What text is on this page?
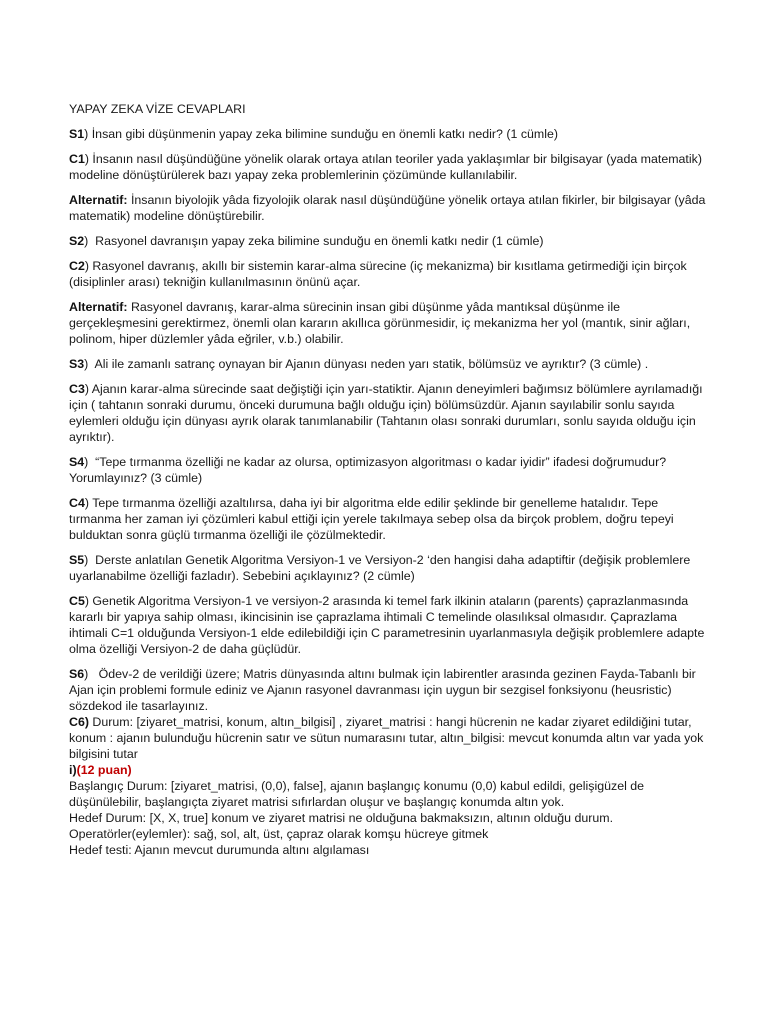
YAPAY ZEKA VİZE CEVAPLARI

S1) İnsan gibi düşünmenin yapay zeka bilimine sunduğu en önemli katkı nedir? (1 cümle)

C1) İnsanın nasıl düşündüğüne yönelik olarak ortaya atılan teoriler yada yaklaşımlar bir bilgisayar (yada matematik) modeline dönüştürülerek bazı yapay zeka problemlerinin çözümünde kullanılabilir.

Alternatif: İnsanın biyolojik yâda fizyolojik olarak nasıl düşündüğüne yönelik ortaya atılan fikirler, bir bilgisayar (yâda matematik) modeline dönüştürebilir.

S2)  Rasyonel davranışın yapay zeka bilimine sunduğu en önemli katkı nedir (1 cümle)

C2) Rasyonel davranış, akıllı bir sistemin karar-alma sürecine (iç mekanizma) bir kısıtlama getirmediği için birçok (disiplinler arası) tekniğin kullanılmasının önünü açar.

Alternatif: Rasyonel davranış, karar-alma sürecinin insan gibi düşünme yâda mantıksal düşünme ile gerçekleşmesini gerektirmez, önemli olan kararın akıllıca görünmesidir, iç mekanizma her yol (mantık, sinir ağları, polinom, hiper düzlemler yâda eğriler, v.b.) olabilir.

S3)  Ali ile zamanlı satranç oynayan bir Ajanın dünyası neden yarı statik, bölümsüz ve ayrıktır? (3 cümle) .

C3) Ajanın karar-alma sürecinde saat değiştiği için yarı-statiktir. Ajanın deneyimleri bağımsız bölümlere ayrılamadığı için ( tahtanın sonraki durumu, önceki durumuna bağlı olduğu için) bölümsüzdür. Ajanın sayılabilir sonlu sayıda eylemleri olduğu için dünyası ayrık olarak tanımlanabilir (Tahtanın olası sonraki durumları, sonlu sayıda olduğu için ayrıktır).

S4)  “Tepe tırmanma özelliği ne kadar az olursa, optimizasyon algoritması o kadar iyidir” ifadesi doğrumudur? Yorumlayınız? (3 cümle)

C4) Tepe tırmanma özelliği azaltılırsa, daha iyi bir algoritma elde edilir şeklinde bir genelleme hatalıdır. Tepe tırmanma her zaman iyi çözümleri kabul ettiği için yerele takılmaya sebep olsa da birçok problem, doğru tepeyi bulduktan sonra güçlü tırmanma özelliği ile çözülmektedir.

S5)  Derste anlatılan Genetik Algoritma Versiyon-1 ve Versiyon-2 ‘den hangisi daha adaptiftir (değişik problemlere uyarlanabilme özelliği fazladır). Sebebini açıklayınız? (2 cümle)

C5) Genetik Algoritma Versiyon-1 ve versiyon-2 arasında ki temel fark ilkinin ataların (parents) çaprazlanmasında kararlı bir yapıya sahip olması, ikincisinin ise çaprazlama ihtimali C temelinde olasılıksal olmasıdır. Çaprazlama ihtimali C=1 olduğunda Versiyon-1 elde edilebildiği için C parametresinin uyarlanmasıyla değişik problemlere adapte olma özelliği Versiyon-2 de daha güçlüdür.

S6)   Ödev-2 de verildiği üzere; Matris dünyasında altını bulmak için labirentler arasında gezinen Fayda-Tabanlı bir Ajan için problemi formule ediniz ve Ajanın rasyonel davranması için uygun bir sezgisel fonksiyonu (heusristic) sözdekod ile tasarlayınız.

C6) Durum: [ziyaret_matrisi, konum, altın_bilgisi] , ziyaret_matrisi : hangi hücrenin ne kadar ziyaret edildiğini tutar, konum : ajanın bulunduğu hücrenin satır ve sütun numarasını tutar, altın_bilgisi: mevcut konumda altın var yada yok bilgisini tutar

i)(12 puan)

Başlangıç Durum: [ziyaret_matrisi, (0,0), false], ajanın başlangıç konumu (0,0) kabul edildi, gelişigüzel de düşünülebilir, başlangıçta ziyaret matrisi sıfırlardan oluşur ve başlangıç konumda altın yok.
Hedef Durum: [X, X, true] konum ve ziyaret matrisi ne olduğuna bakmaksızın, altının olduğu durum.
Operatörler(eylemler): sağ, sol, alt, üst, çapraz olarak komşu hücreye gitmek
Hedef testi: Ajanın mevcut durumunda altını algılaması
